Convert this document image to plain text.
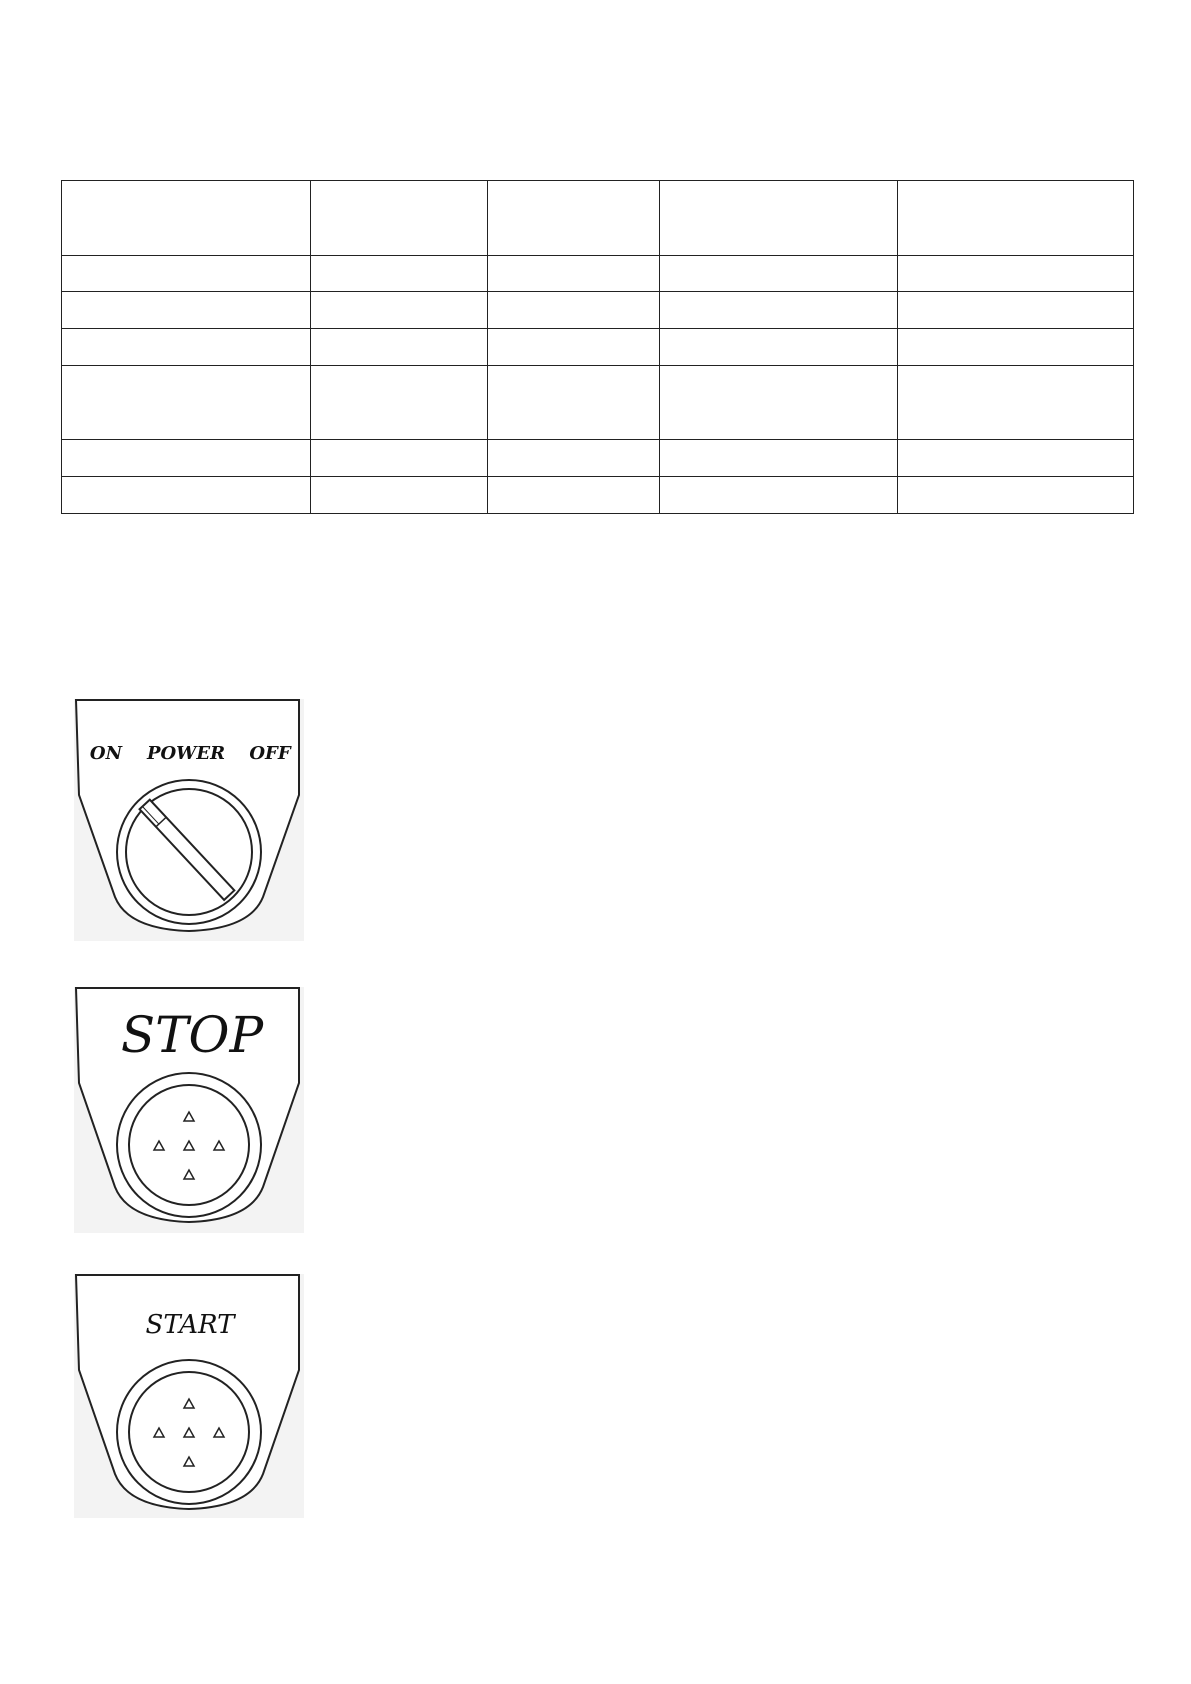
ON POWER OFF
STOP
START
